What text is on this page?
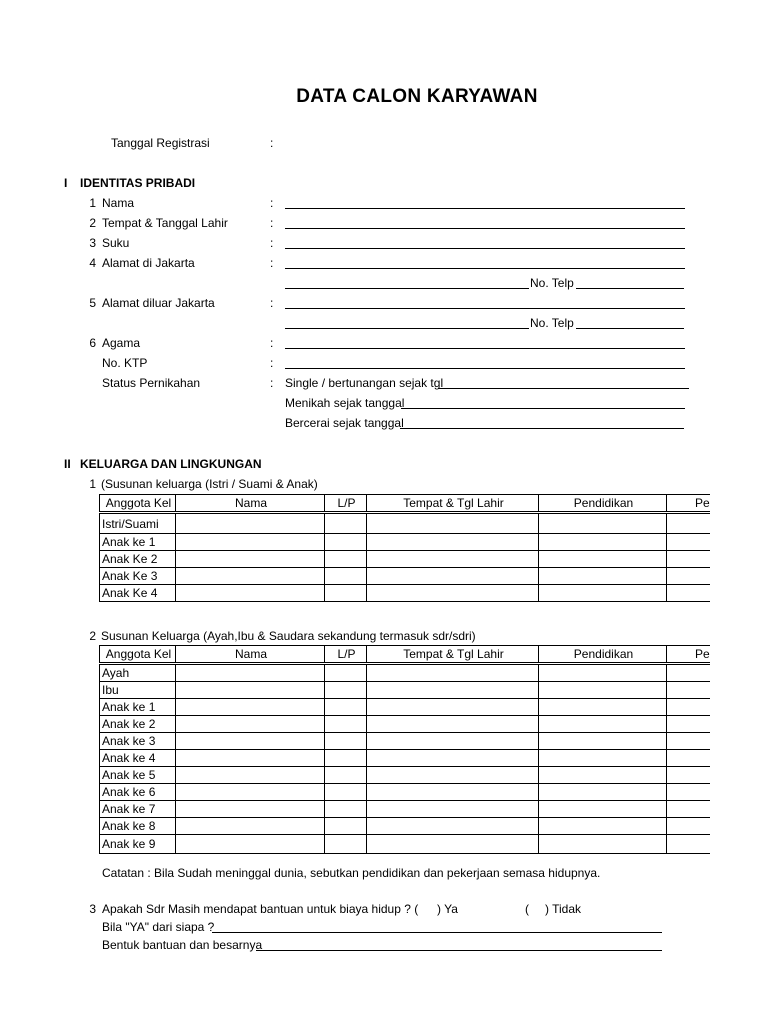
DATA CALON KARYAWAN
Tanggal Registrasi	:
I IDENTITAS PRIBADI
1 Nama	:
2 Tempat & Tanggal Lahir	:
3 Suku	:
4 Alamat di Jakarta	:
No. Telp
5 Alamat diluar Jakarta	:
No. Telp
6 Agama	:
No. KTP	:
Status Pernikahan	: Single / bertunangan sejak tgl
Menikah sejak tanggal
Bercerai sejak tanggal
II KELUARGA DAN LINGKUNGAN
1 (Susunan keluarga (Istri / Suami & Anak)
Anggota Kel	Nama	L/P	Tempat & Tgl Lahir	Pendidikan	Pe
Istri/Suami					
Anak ke 1					
Anak Ke 2					
Anak Ke 3					
Anak Ke 4					
2 Susunan Keluarga (Ayah,Ibu & Saudara sekandung termasuk sdr/sdri)
Anggota Kel	Nama	L/P	Tempat & Tgl Lahir	Pendidikan	Pe
Ayah					
Ibu					
Anak ke 1					
Anak ke 2					
Anak ke 3					
Anak ke 4					
Anak ke 5					
Anak ke 6					
Anak ke 7					
Anak ke 8					
Anak ke 9					
Catatan : Bila Sudah meninggal dunia, sebutkan pendidikan dan pekerjaan semasa hidupnya.
3 Apakah Sdr Masih mendapat bantuan untuk biaya hidup ? ( ) Ya	( ) Tidak
Bila "YA" dari siapa ?
Bentuk bantuan dan besarnya
